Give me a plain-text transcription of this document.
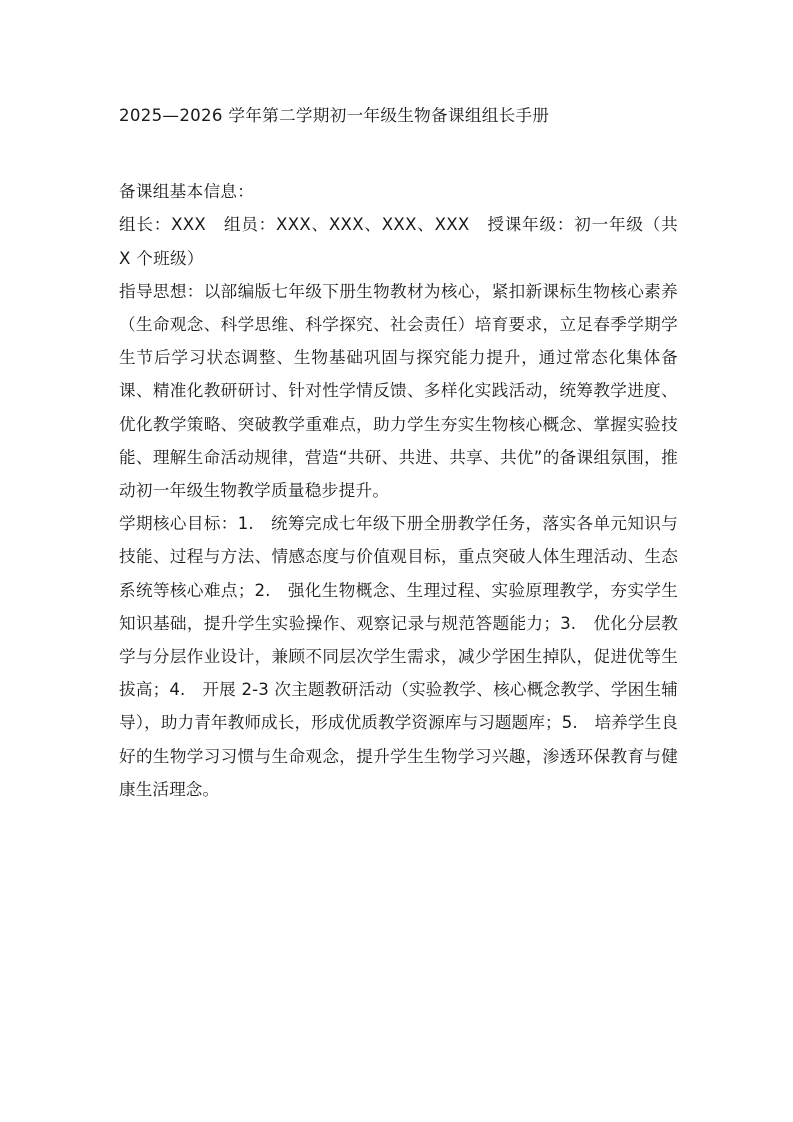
2025—2026 学年第二学期初一年级生物备课组组长手册

备课组基本信息：

组长：XXX　组员：XXX、XXX、XXX、XXX　授课年级：初一年级（共 X 个班级）

指导思想：以部编版七年级下册生物教材为核心，紧扣新课标生物核心素养（生命观念、科学思维、科学探究、社会责任）培育要求，立足春季学期学生节后学习状态调整、生物基础巩固与探究能力提升，通过常态化集体备课、精准化教研研讨、针对性学情反馈、多样化实践活动，统筹教学进度、优化教学策略、突破教学重难点，助力学生夯实生物核心概念、掌握实验技能、理解生命活动规律，营造“共研、共进、共享、共优”的备课组氛围，推动初一年级生物教学质量稳步提升。

学期核心目标：1.　统筹完成七年级下册全册教学任务，落实各单元知识与技能、过程与方法、情感态度与价值观目标，重点突破人体生理活动、生态系统等核心难点；2.　强化生物概念、生理过程、实验原理教学，夯实学生知识基础，提升学生实验操作、观察记录与规范答题能力；3.　优化分层教学与分层作业设计，兼顾不同层次学生需求，减少学困生掉队，促进优等生拔高；4.　开展 2-3 次主题教研活动（实验教学、核心概念教学、学困生辅导），助力青年教师成长，形成优质教学资源库与习题题库；5.　培养学生良好的生物学习习惯与生命观念，提升学生生物学习兴趣，渗透环保教育与健康生活理念。
